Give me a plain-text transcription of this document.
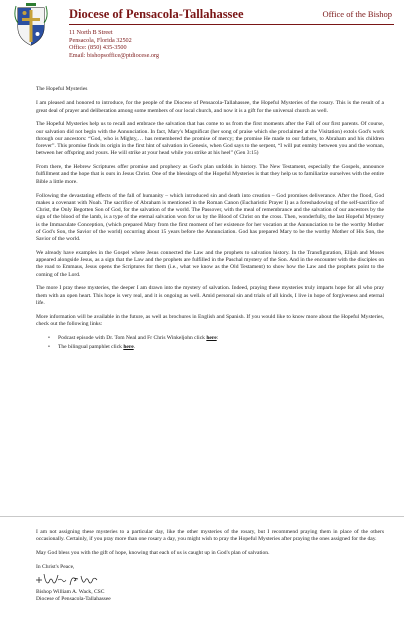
Diocese of Pensacola-Tallahassee	Office of the Bishop
11 North B Street
Pensacola, Florida 32502
Office: (850) 435-3500
Email: bishopsoffice@ptdiocese.org

The Hopeful Mysteries

I am pleased and honored to introduce, for the people of the Diocese of Pensacola-Tallahassee, the Hopeful Mysteries of the rosary. This is the result of a great deal of prayer and deliberation among some members of our local church, and now it is a gift for the universal church as well.

The Hopeful Mysteries help us to recall and embrace the salvation that has come to us from the first moments after the Fall of our first parents. Of course, our salvation did not begin with the Annunciation. In fact, Mary's Magnificat (her song of praise which she proclaimed at the Visitation) extols God's work through our ancestors: “God, who is Mighty,… has remembered the promise of mercy; the promise He made to our fathers, to Abraham and his children forever”. This promise finds its origin in the first hint of salvation in Genesis, when God says to the serpent, “I will put enmity between you and the woman, between her offspring and yours. He will strike at your head while you strike at his heel” (Gen 3:15)

From there, the Hebrew Scriptures offer promise and prophecy as God's plan unfolds in history. The New Testament, especially the Gospels, announce fulfillment and the hope that is ours in Jesus Christ. One of the blessings of the Hopeful Mysteries is that they help us to familiarize ourselves with the entire Bible a little more.

Following the devastating effects of the fall of humanity – which introduced sin and death into creation – God promises deliverance. After the flood, God makes a covenant with Noah. The sacrifice of Abraham is mentioned in the Roman Canon (Eucharistic Prayer I) as a foreshadowing of the self-sacrifice of Christ, the Only Begotten Son of God, for the salvation of the world. The Passover, with the meal of remembrance and the salvation of our ancestors by the sign of the blood of the lamb, is a type of the eternal salvation won for us by the Blood of Christ on the cross. Then, wonderfully, the last Hopeful Mystery is the Immaculate Conception, (which prepared Mary from the first moment of her existence for her vocation at the Annunciation to be the worthy Mother of God's Son, the Savior of the world) occurring about 15 years before the Annunciation. God has prepared Mary to be the worthy Mother of His Son, the Savior of the world.

We already have examples in the Gospel where Jesus connected the Law and the prophets to salvation history. In the Transfiguration, Elijah and Moses appeared alongside Jesus, as a sign that the Law and the prophets are fulfilled in the Paschal mystery of the Son. And in the encounter with the disciples on the road to Emmaus, Jesus opens the Scriptures for them (i.e., what we know as the Old Testament) to show how the Law and the prophets point to the coming of the Lord.

The more I pray these mysteries, the deeper I am drawn into the mystery of salvation. Indeed, praying these mysteries truly imparts hope for all who pray them with an open heart. This hope is very real, and it is ongoing as well. Amid personal sin and trials of all kinds, I live in hope of forgiveness and eternal life.

More information will be available in the future, as well as brochures in English and Spanish. If you would like to know more about the Hopeful Mysteries, check out the following links:

• Podcast episode with Dr. Tom Neal and Fr Chris Winkeljohn click here:
• The bilingual pamphlet click here.

I am not assigning these mysteries to a particular day, like the other mysteries of the rosary, but I recommend praying them in place of the others occasionally. Certainly, if you pray more than one rosary a day, you might wish to pray the Hopeful Mysteries after praying the ones assigned for the day.

May God bless you with the gift of hope, knowing that each of us is caught up in God's plan of salvation.

In Christ's Peace,
Bishop William A. Wack, CSC
Diocese of Pensacola-Tallahassee
